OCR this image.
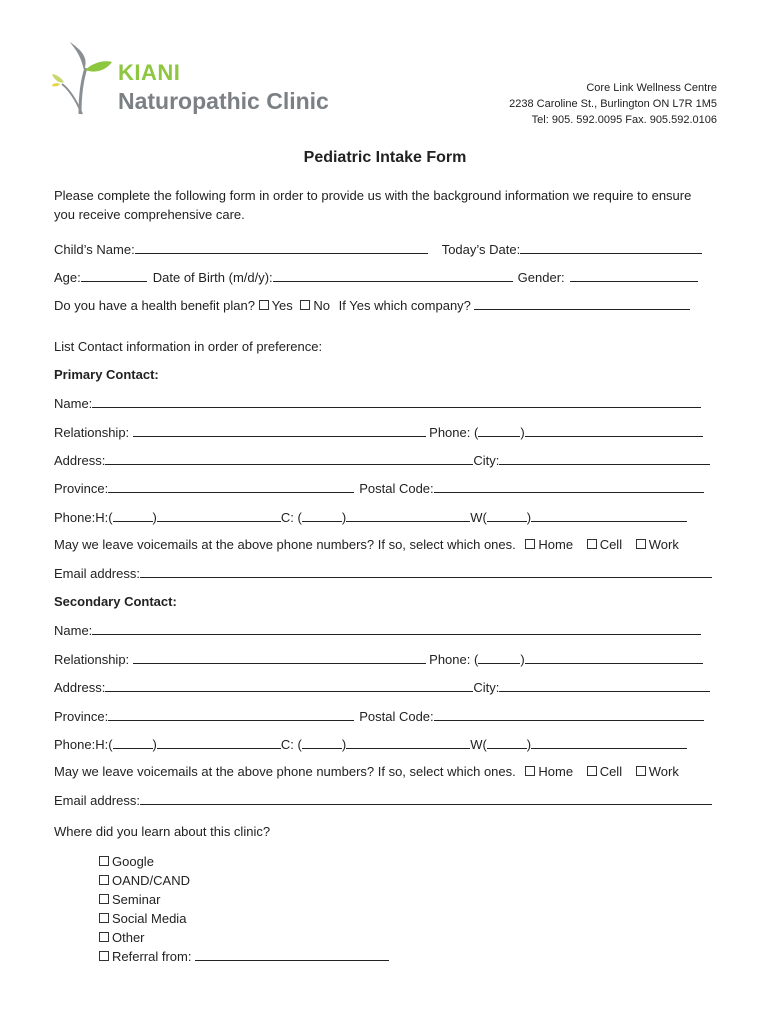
KIANI
Naturopathic Clinic	Core Link Wellness Centre
2238 Caroline St., Burlington ON L7R 1M5
Tel: 905. 592.0095 Fax. 905.592.0106
Pediatric Intake Form
Please complete the following form in order to provide us with the background information we require to ensure you receive comprehensive care.
Child’s Name:	Today’s Date:
Age:	Date of Birth (m/d/y):	Gender:
Do you have a health benefit plan? Yes No If Yes which company?
List Contact information in order of preference:
Primary Contact:
Name:
Relationship:	Phone: (	)
Address:	City:
Province:	Postal Code:
Phone:H:(	)	C: (	)	W(	)
May we leave voicemails at the above phone numbers? If so, select which ones. Home Cell Work
Email address:
Secondary Contact:
Name:
Relationship:	Phone: (	)
Address:	City:
Province:	Postal Code:
Phone:H:(	)	C: (	)	W(	)
May we leave voicemails at the above phone numbers? If so, select which ones. Home Cell Work
Email address:
Where did you learn about this clinic?
Google
OAND/CAND
Seminar
Social Media
Other
Referral from:
